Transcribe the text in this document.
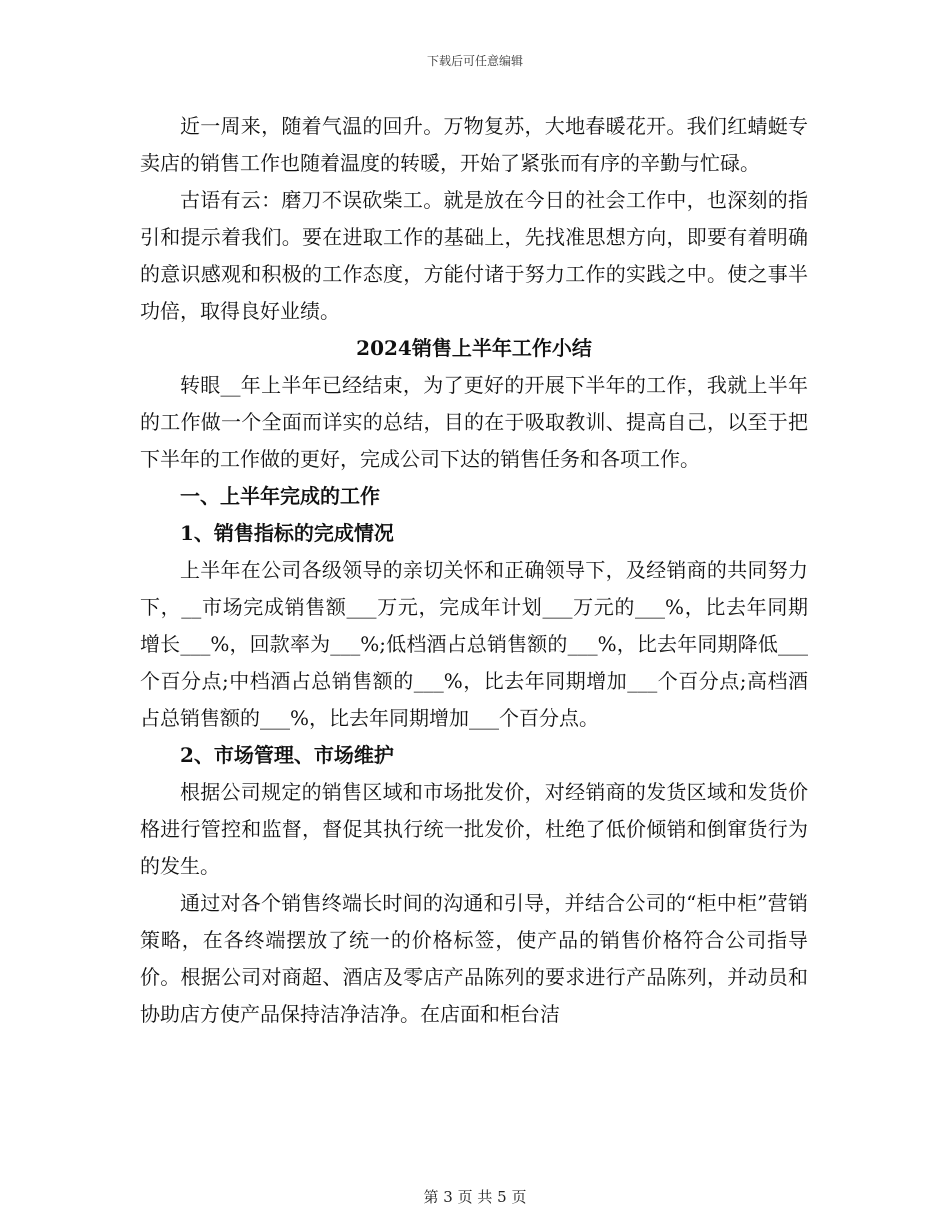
下载后可任意编辑

近一周来，随着气温的回升。万物复苏，大地春暖花开。我们红蜻蜓专卖店的销售工作也随着温度的转暖，开始了紧张而有序的辛勤与忙碌。

古语有云：磨刀不误砍柴工。就是放在今日的社会工作中，也深刻的指引和提示着我们。要在进取工作的基础上，先找准思想方向，即要有着明确的意识感观和积极的工作态度，方能付诸于努力工作的实践之中。使之事半功倍，取得良好业绩。

2024销售上半年工作小结

转眼__年上半年已经结束，为了更好的开展下半年的工作，我就上半年的工作做一个全面而详实的总结，目的在于吸取教训、提高自己，以至于把下半年的工作做的更好，完成公司下达的销售任务和各项工作。

一、上半年完成的工作

1、销售指标的完成情况

上半年在公司各级领导的亲切关怀和正确领导下，及经销商的共同努力下，__市场完成销售额___万元，完成年计划___万元的___%，比去年同期增长___%，回款率为___%;低档酒占总销售额的___%，比去年同期降低___个百分点;中档酒占总销售额的___%，比去年同期增加___个百分点;高档酒占总销售额的___%，比去年同期增加___个百分点。

2、市场管理、市场维护

根据公司规定的销售区域和市场批发价，对经销商的发货区域和发货价格进行管控和监督，督促其执行统一批发价，杜绝了低价倾销和倒窜货行为的发生。

通过对各个销售终端长时间的沟通和引导，并结合公司的“柜中柜”营销策略，在各终端摆放了统一的价格标签，使产品的销售价格符合公司指导价。根据公司对商超、酒店及零店产品陈列的要求进行产品陈列，并动员和协助店方使产品保持洁净洁净。在店面和柜台洁

第 3 页 共 5 页
